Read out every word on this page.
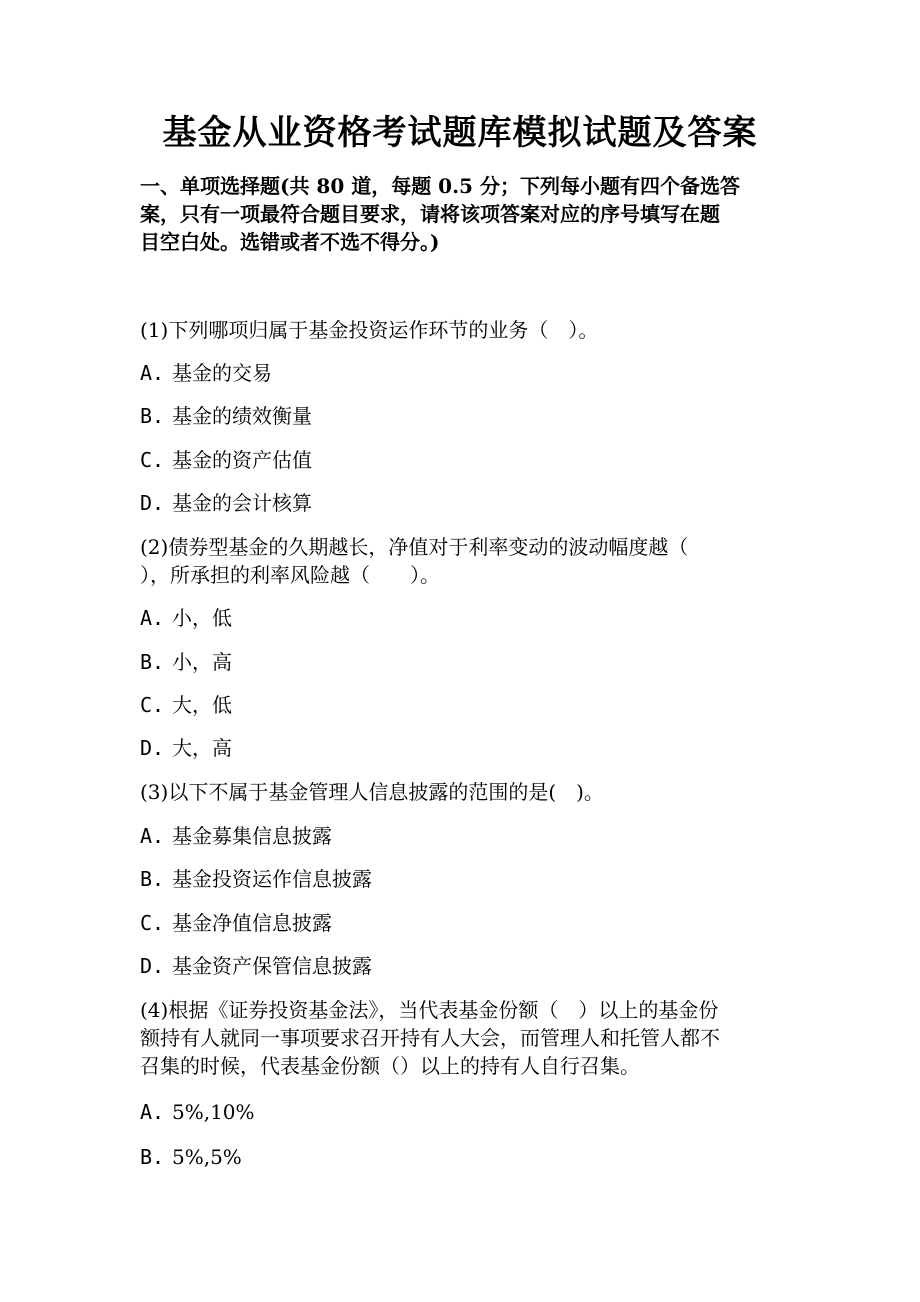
基金从业资格考试题库模拟试题及答案
一、单项选择题(共 80 道，每题 0.5 分；下列每小题有四个备选答
案，只有一项最符合题目要求，请将该项答案对应的序号填写在题
目空白处。选错或者不选不得分。)
(1)下列哪项归属于基金投资运作环节的业务（　）。
A. 基金的交易
B. 基金的绩效衡量
C. 基金的资产估值
D. 基金的会计核算
(2)债券型基金的久期越长，净值对于利率变动的波动幅度越（
），所承担的利率风险越（　　）。
A. 小，低
B. 小，高
C. 大，低
D. 大，高
(3)以下不属于基金管理人信息披露的范围的是(　)。
A. 基金募集信息披露
B. 基金投资运作信息披露
C. 基金净值信息披露
D. 基金资产保管信息披露
(4)根据《证券投资基金法》，当代表基金份额（　）以上的基金份
额持有人就同一事项要求召开持有人大会，而管理人和托管人都不
召集的时候，代表基金份额（）以上的持有人自行召集。
A. 5%,10%
B. 5%,5%
